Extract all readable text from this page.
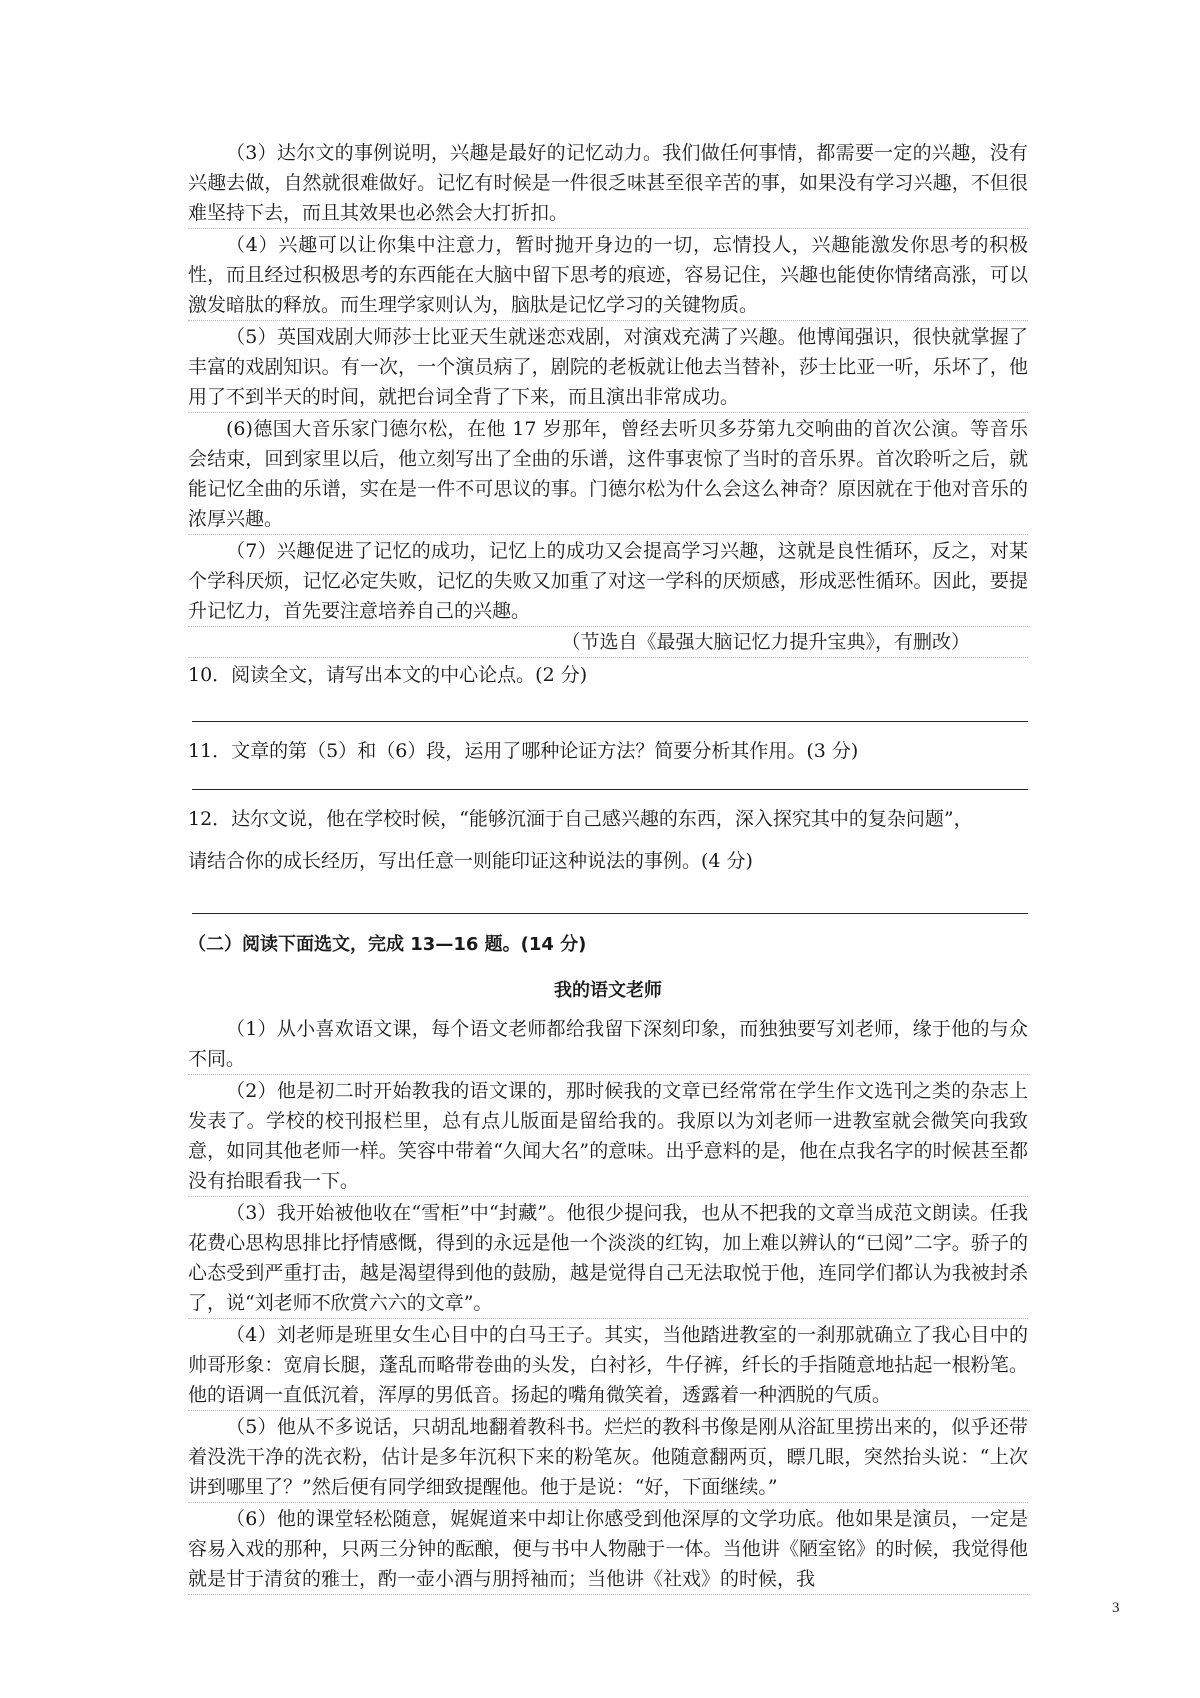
（3）达尔文的事例说明，兴趣是最好的记忆动力。我们做任何事情，都需要一定的兴趣，没有兴趣去做，自然就很难做好。记忆有时候是一件很乏味甚至很辛苦的事，如果没有学习兴趣，不但很难坚持下去，而且其效果也必然会大打折扣。

（4）兴趣可以让你集中注意力，暂时抛开身边的一切，忘情投人，兴趣能激发你思考的积极性，而且经过积极思考的东西能在大脑中留下思考的痕迹，容易记住，兴趣也能使你情绪高涨，可以激发暗肽的释放。而生理学家则认为，脑肽是记忆学习的关键物质。

（5）英国戏剧大师莎士比亚天生就迷恋戏剧，对演戏充满了兴趣。他博闻强识，很快就掌握了丰富的戏剧知识。有一次，一个演员病了，剧院的老板就让他去当替补，莎士比亚一听，乐坏了，他用了不到半天的时间，就把台词全背了下来，而且演出非常成功。

(6)德国大音乐家门德尔松，在他 17 岁那年，曾经去听贝多芬第九交响曲的首次公演。等音乐会结束，回到家里以后，他立刻写出了全曲的乐谱，这件事衷惊了当时的音乐界。首次聆听之后，就能记忆全曲的乐谱，实在是一件不可思议的事。门德尔松为什么会这么神奇？原因就在于他对音乐的浓厚兴趣。

（7）兴趣促进了记忆的成功，记忆上的成功又会提高学习兴趣，这就是良性循环，反之，对某个学科厌烦，记忆必定失败，记忆的失败又加重了对这一学科的厌烦感，形成恶性循环。因此，要提升记忆力，首先要注意培养自己的兴趣。

（节选自《最强大脑记忆力提升宝典》，有删改）

10．阅读全文，请写出本文的中心论点。(2 分)

11．文章的第（5）和（6）段，运用了哪种论证方法？简要分析其作用。(3 分)

12．达尔文说，他在学校时候，“能够沉湎于自己感兴趣的东西，深入探究其中的复杂问题”，

请结合你的成长经历，写出任意一则能印证这种说法的事例。(4 分)

（二）阅读下面选文，完成 13—16 题。(14 分)

我的语文老师

（1）从小喜欢语文课，每个语文老师都给我留下深刻印象，而独独要写刘老师，缘于他的与众不同。

（2）他是初二时开始教我的语文课的，那时候我的文章已经常常在学生作文选刊之类的杂志上发表了。学校的校刊报栏里，总有点儿版面是留给我的。我原以为刘老师一进教室就会微笑向我致意，如同其他老师一样。笑容中带着“久闻大名”的意味。出乎意料的是，他在点我名字的时候甚至都没有抬眼看我一下。

（3）我开始被他收在“雪柜”中“封藏”。他很少提问我，也从不把我的文章当成范文朗读。任我花费心思构思排比抒情感慨，得到的永远是他一个淡淡的红钩，加上难以辨认的“已阅”二字。骄子的心态受到严重打击，越是渴望得到他的鼓励，越是觉得自己无法取悦于他，连同学们都认为我被封杀了，说“刘老师不欣赏六六的文章”。

（4）刘老师是班里女生心目中的白马王子。其实，当他踏进教室的一刹那就确立了我心目中的帅哥形象：宽肩长腿，蓬乱而略带卷曲的头发，白衬衫，牛仔裤，纤长的手指随意地拈起一根粉笔。他的语调一直低沉着，浑厚的男低音。扬起的嘴角微笑着，透露着一种洒脱的气质。

（5）他从不多说话，只胡乱地翻着教科书。烂烂的教科书像是刚从浴缸里捞出来的，似乎还带着没洗干净的洗衣粉，估计是多年沉积下来的粉笔灰。他随意翻两页，瞟几眼，突然抬头说：“上次讲到哪里了？”然后便有同学细致提醒他。他于是说：“好，下面继续。”

（6）他的课堂轻松随意，娓娓道来中却让你感受到他深厚的文学功底。他如果是演员，一定是容易入戏的那种，只两三分钟的酝酿，便与书中人物融于一体。当他讲《陋室铭》的时候，我觉得他就是甘于清贫的雅士，酌一壶小酒与朋捋袖而；当他讲《社戏》的时候，我

3
